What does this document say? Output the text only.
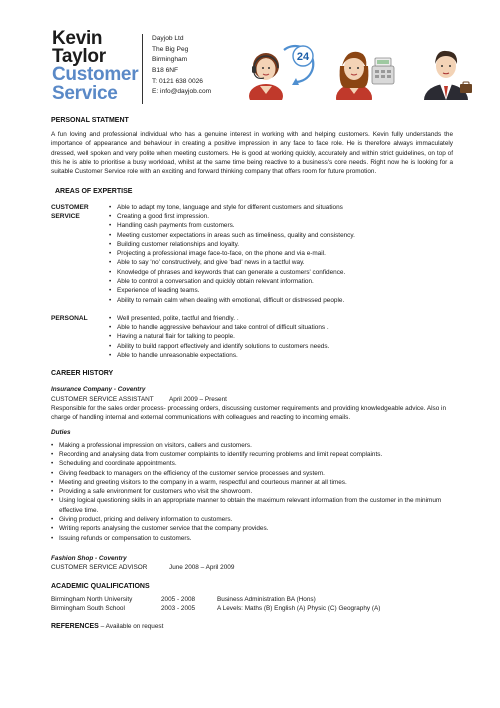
Kevin
Taylor
Customer
Service
Dayjob Ltd
The Big Peg
Birmingham
B18 6NF
T: 0121 638 0026
E: info@dayjob.com
24
PERSONAL STATMENT

A fun loving and professional individual who has a genuine interest in working with and helping customers. Kevin fully understands the importance of appearance and behaviour in creating a positive impression in any face to face role. He is therefore always immaculately dressed, well spoken and very polite when meeting customers. He is good at working quickly, accurately and within strict guidelines, on top of this he is able to prioritise a busy workload, whilst at the same time being reactive to a business's core needs. Right now he is looking for a suitable Customer Service role with an exciting and forward thinking company that offers room for future promotion.

AREAS OF EXPERTISE
CUSTOMER
SERVICE
• Able to adapt my tone, language and style for different customers and situations
• Creating a good first impression.
• Handling cash payments from customers.
• Meeting customer expectations in areas such as timeliness, quality and consistency.
• Building customer relationships and loyalty.
• Projecting a professional image face-to-face, on the phone and via e-mail.
• Able to say 'no' constructively, and give 'bad' news in a tactful way.
• Knowledge of phrases and keywords that can generate a customers' confidence.
• Able to control a conversation and quickly obtain relevant information.
• Experience of leading teams.
• Ability to remain calm when dealing with emotional, difficult or distressed people.
PERSONAL	• Well presented, polite, tactful and friendly. .
• Able to handle aggressive behaviour and take control of difficult situations .
• Having a natural flair for talking to people.
• Ability to build rapport effectively and identify solutions to customers needs.
• Able to handle unreasonable expectations.
CAREER HISTORY
Insurance Company - Coventry
CUSTOMER SERVICE ASSISTANT	April 2009 – Present

Responsible for the sales order process- processing orders, discussing customer requirements and providing knowledgeable advice. Also in charge of handling internal and external communications with colleagues and reacting to incoming emails.

Duties
• Making a professional impression on visitors, callers and customers.
• Recording and analysing data from customer complaints to identify recurring problems and limit repeat complaints.
• Scheduling and coordinate appointments.
• Giving feedback to managers on the efficiency of the customer service processes and system.
• Meeting and greeting visitors to the company in a warm, respectful and courteous manner at all times.
• Providing a safe environment for customers who visit the showroom.
• Using logical questioning skills in an appropriate manner to obtain the maximum relevant information from the customer in the minimum effective time.
• Giving product, pricing and delivery information to customers.
• Writing reports analysing the customer service that the company provides.
• Issuing refunds or compensation to customers.
Fashion Shop - Coventry
CUSTOMER SERVICE ADVISOR	June 2008 – April 2009
ACADEMIC QUALIFICATIONS
Birmingham North University	2005 - 2008	Business Administration BA (Hons)
Birmingham South School	2003 - 2005	A Levels: Maths (B) English (A) Physic (C) Geography (A)
REFERENCES – Available on request
